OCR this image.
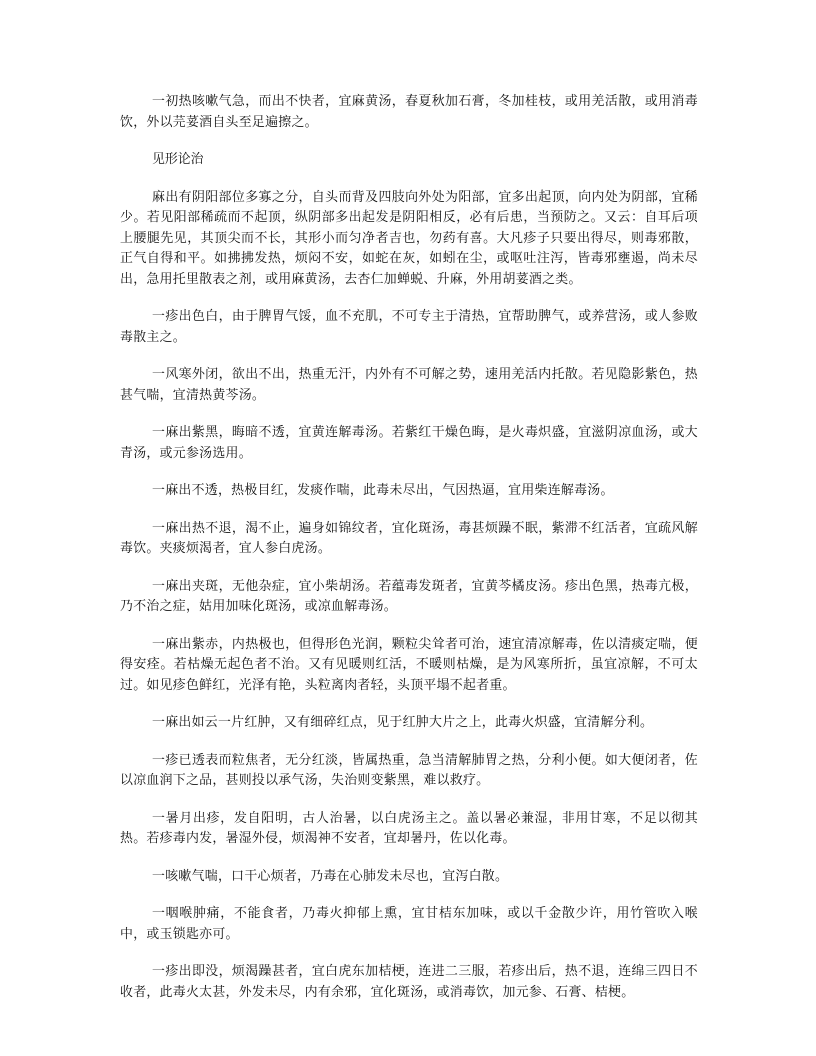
一初热咳嗽气急，而出不快者，宜麻黄汤，春夏秋加石膏，冬加桂枝，或用羌活散，或用消毒饮，外以芫荽酒自头至足遍擦之。

见形论治

麻出有阴阳部位多寡之分，自头而背及四肢向外处为阳部，宜多出起顶，向内处为阴部，宜稀少。若见阳部稀疏而不起顶，纵阴部多出起发是阴阳相反，必有后患，当预防之。又云：自耳后项上腰腿先见，其顶尖而不长，其形小而匀净者吉也，勿药有喜。大凡疹子只要出得尽，则毒邪散，正气自得和平。如拂拂发热，烦闷不安，如蛇在灰，如蚓在尘，或呕吐注泻，皆毒邪壅遏，尚未尽出，急用托里散表之剂，或用麻黄汤，去杏仁加蝉蜕、升麻，外用胡荽酒之类。

一疹出色白，由于脾胃气馁，血不充肌，不可专主于清热，宜帮助脾气，或养营汤，或人参败毒散主之。

一风寒外闭，欲出不出，热重无汗，内外有不可解之势，速用羌活内托散。若见隐影紫色，热甚气喘，宜清热黄芩汤。

一麻出紫黑，晦暗不透，宜黄连解毒汤。若紫红干燥色晦，是火毒炽盛，宜滋阴凉血汤，或大青汤，或元参汤选用。

一麻出不透，热极目红，发痰作喘，此毒未尽出，气因热逼，宜用柴连解毒汤。

一麻出热不退，渴不止，遍身如锦纹者，宜化斑汤，毒甚烦躁不眠，紫滞不红活者，宜疏风解毒饮。夹痰烦渴者，宜人参白虎汤。

一麻出夹斑，无他杂症，宜小柴胡汤。若蕴毒发斑者，宜黄芩橘皮汤。疹出色黑，热毒亢极，乃不治之症，姑用加味化斑汤，或凉血解毒汤。

一麻出紫赤，内热极也，但得形色光润，颗粒尖耸者可治，速宜清凉解毒，佐以清痰定喘，便得安痊。若枯燥无起色者不治。又有见暖则红活，不暖则枯燥，是为风寒所折，虽宜凉解，不可太过。如见疹色鲜红，光泽有艳，头粒离肉者轻，头顶平塌不起者重。

一麻出如云一片红肿，又有细碎红点，见于红肿大片之上，此毒火炽盛，宜清解分利。

一疹已透表而粒焦者，无分红淡，皆属热重，急当清解肺胃之热，分利小便。如大便闭者，佐以凉血润下之品，甚则投以承气汤，失治则变紫黑，难以救疗。

一暑月出疹，发自阳明，古人治暑，以白虎汤主之。盖以暑必兼湿，非用甘寒，不足以彻其热。若疹毒内发，暑湿外侵，烦渴神不安者，宜却暑丹，佐以化毒。

一咳嗽气喘，口干心烦者，乃毒在心肺发未尽也，宜泻白散。

一咽喉肿痛，不能食者，乃毒火抑郁上熏，宜甘桔东加味，或以千金散少许，用竹管吹入喉中，或玉锁匙亦可。

一疹出即没，烦渴躁甚者，宜白虎东加桔梗，连进二三服，若疹出后，热不退，连绵三四日不收者，此毒火太甚，外发未尽，内有余邪，宜化斑汤，或消毒饮，加元参、石膏、桔梗。
